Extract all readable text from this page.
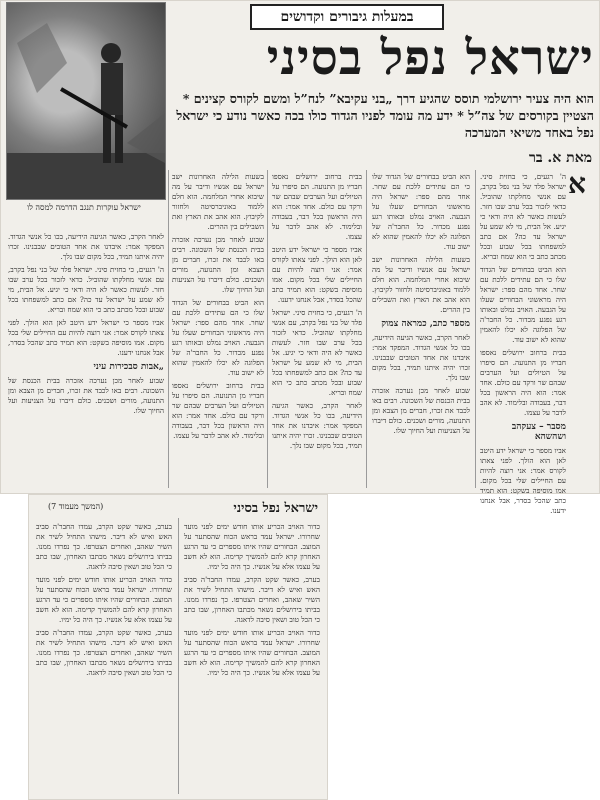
ישראל עוקרות תנגב הדרמה למסה לו
במעלות גיבורים וקדושים
ישראל נפל בסיני
הוא היה צעיר ירושלמי תוסס שהגיע דרך „בני עקיבא” לנח”ל ומשם לקורס קצינים * הצטיין בקורסים של צה”ל * ידע מה עומד לפניו הגדוד כולו בכה כאשר נודע כי ישראל נפל באחד משיאי המערכה
מאת א. בר
א

ה' רגעים, כי בחזית סיני. ישראל פלד של בני נפל בקרב, עם אנשי מחלקתו שהוביל. כדאי לזכור בכל ערב שבו חזר. לעשות כאשר לא היה ודאי כי יגיע. אל הבית, מי לא שמע על ישראל עד כה? אם כתב למשפחתו בכל שבוע ובכל מכתב כתב כי הוא שמח ובריא.

הוא הביט בבחורים של הגדוד שלו כי הם עתידים ללכת עם שחר. אחד מהם ספר: ישראל היה מראשוני הבחורים שעלו על הגבעה. האויב נמלט ובאותו רגע נפגע מכדור. כל החבר'ה של הפלוגה לא יכלו להאמין שהוא לא ישוב עוד.

בבית ברחוב ירושלים נאספו חבריו מן התנועה. הם סיפרו על הטיולים ועל הערבים שבהם שר ורקד עם כולם. אחד אמר: הוא היה הראשון בכל דבר, בעבודה ובלימוד. לא אהב לדבר על עצמו.

מסבר – צעקהב ושהשהא

אביו מספר כי ישראל ידע היטב לאן הוא הולך. לפני צאתו לקורס אמר: אני רוצה להיות עם החיילים שלי בכל מקום. אמו מוסיפה בשקט: הוא תמיד כתב שהכל בסדר, אבל אנחנו ידענו.

הוא הביט בבחורים של הגדוד שלו כי הם עתידים ללכת עם שחר. אחד מהם ספר: ישראל היה מראשוני הבחורים שעלו על הגבעה. האויב נמלט ובאותו רגע נפגע מכדור. כל החבר'ה של הפלוגה לא יכלו להאמין שהוא לא ישוב עוד.

בשעות הלילה האחרונות ישב ישראל עם אנשיו ודיבר על מה שיבוא אחרי המלחמה. הוא חלם ללמוד באוניברסיטה ולחזור לקיבוץ. הוא אהב את הארץ ואת השבילים בין ההרים.

מספר כתב, כמראה צמוק

לאחר הקרב, כאשר הגיעה הידיעה, בכו כל אנשי הגדוד. המפקד אמר: איבדנו את אחד הטובים שבבנינו. זכרו יהיה איתנו תמיד, בכל מקום שבו נלך.

שבוע לאחר מכן נערכה אזכרה בבית הכנסת של השכונה. רבים באו לכבד את זכרו, חברים מן הצבא ומן התנועה, מורים ושכנים. כולם דיברו על הצניעות ועל החיוך שלו.

בבית ברחוב ירושלים נאספו חבריו מן התנועה. הם סיפרו על הטיולים ועל הערבים שבהם שר ורקד עם כולם. אחד אמר: הוא היה הראשון בכל דבר, בעבודה ובלימוד. לא אהב לדבר על עצמו.

אביו מספר כי ישראל ידע היטב לאן הוא הולך. לפני צאתו לקורס אמר: אני רוצה להיות עם החיילים שלי בכל מקום. אמו מוסיפה בשקט: הוא תמיד כתב שהכל בסדר, אבל אנחנו ידענו.

ה' רגעים, כי בחזית סיני. ישראל פלד של בני נפל בקרב, עם אנשי מחלקתו שהוביל. כדאי לזכור בכל ערב שבו חזר. לעשות כאשר לא היה ודאי כי יגיע. אל הבית, מי לא שמע על ישראל עד כה? אם כתב למשפחתו בכל שבוע ובכל מכתב כתב כי הוא שמח ובריא.

לאחר הקרב, כאשר הגיעה הידיעה, בכו כל אנשי הגדוד. המפקד אמר: איבדנו את אחד הטובים שבבנינו. זכרו יהיה איתנו תמיד, בכל מקום שבו נלך.

בשעות הלילה האחרונות ישב ישראל עם אנשיו ודיבר על מה שיבוא אחרי המלחמה. הוא חלם ללמוד באוניברסיטה ולחזור לקיבוץ. הוא אהב את הארץ ואת השבילים בין ההרים.

שבוע לאחר מכן נערכה אזכרה בבית הכנסת של השכונה. רבים באו לכבד את זכרו, חברים מן הצבא ומן התנועה, מורים ושכנים. כולם דיברו על הצניעות ועל החיוך שלו.

הוא הביט בבחורים של הגדוד שלו כי הם עתידים ללכת עם שחר. אחד מהם ספר: ישראל היה מראשוני הבחורים שעלו על הגבעה. האויב נמלט ובאותו רגע נפגע מכדור. כל החבר'ה של הפלוגה לא יכלו להאמין שהוא לא ישוב עוד.

בבית ברחוב ירושלים נאספו חבריו מן התנועה. הם סיפרו על הטיולים ועל הערבים שבהם שר ורקד עם כולם. אחד אמר: הוא היה הראשון בכל דבר, בעבודה ובלימוד. לא אהב לדבר על עצמו.

לאחר הקרב, כאשר הגיעה הידיעה, בכו כל אנשי הגדוד. המפקד אמר: איבדנו את אחד הטובים שבבנינו. זכרו יהיה איתנו תמיד, בכל מקום שבו נלך.

ה' רגעים, כי בחזית סיני. ישראל פלד של בני נפל בקרב, עם אנשי מחלקתו שהוביל. כדאי לזכור בכל ערב שבו חזר. לעשות כאשר לא היה ודאי כי יגיע. אל הבית, מי לא שמע על ישראל עד כה? אם כתב למשפחתו בכל שבוע ובכל מכתב כתב כי הוא שמח ובריא.

אביו מספר כי ישראל ידע היטב לאן הוא הולך. לפני צאתו לקורס אמר: אני רוצה להיות עם החיילים שלי בכל מקום. אמו מוסיפה בשקט: הוא תמיד כתב שהכל בסדר, אבל אנחנו ידענו.

„אבות סבכירות עיני

שבוע לאחר מכן נערכה אזכרה בבית הכנסת של השכונה. רבים באו לכבד את זכרו, חברים מן הצבא ומן התנועה, מורים ושכנים. כולם דיברו על הצניעות ועל החיוך שלו.

ישראל נפל בסיני
(המשך מעמוד 7)

כדור האויב הכריע אותו חודש ימים לפני מועד שחרורו. ישראל עמד בראש הכוח שהסתער על המוצב. הבחורים שהיו איתו מספרים כי עד הרגע האחרון קרא להם להמשיך קדימה. הוא לא חשב על עצמו אלא על אנשיו. כך היה כל ימיו.

בערב, כאשר שקט הקרב, עמדו החבר'ה סביב האש ואיש לא דיבר. מישהו התחיל לשיר את השיר שאהב, ואחרים הצטרפו. כך נפרדו ממנו. בביתו בירושלים נשאר מכתבו האחרון, שבו כתב כי הכל טוב ושאין סיבה לדאגה.

כדור האויב הכריע אותו חודש ימים לפני מועד שחרורו. ישראל עמד בראש הכוח שהסתער על המוצב. הבחורים שהיו איתו מספרים כי עד הרגע האחרון קרא להם להמשיך קדימה. הוא לא חשב על עצמו אלא על אנשיו. כך היה כל ימיו.

בערב, כאשר שקט הקרב, עמדו החבר'ה סביב האש ואיש לא דיבר. מישהו התחיל לשיר את השיר שאהב, ואחרים הצטרפו. כך נפרדו ממנו. בביתו בירושלים נשאר מכתבו האחרון, שבו כתב כי הכל טוב ושאין סיבה לדאגה.

כדור האויב הכריע אותו חודש ימים לפני מועד שחרורו. ישראל עמד בראש הכוח שהסתער על המוצב. הבחורים שהיו איתו מספרים כי עד הרגע האחרון קרא להם להמשיך קדימה. הוא לא חשב על עצמו אלא על אנשיו. כך היה כל ימיו.

בערב, כאשר שקט הקרב, עמדו החבר'ה סביב האש ואיש לא דיבר. מישהו התחיל לשיר את השיר שאהב, ואחרים הצטרפו. כך נפרדו ממנו. בביתו בירושלים נשאר מכתבו האחרון, שבו כתב כי הכל טוב ושאין סיבה לדאגה.
